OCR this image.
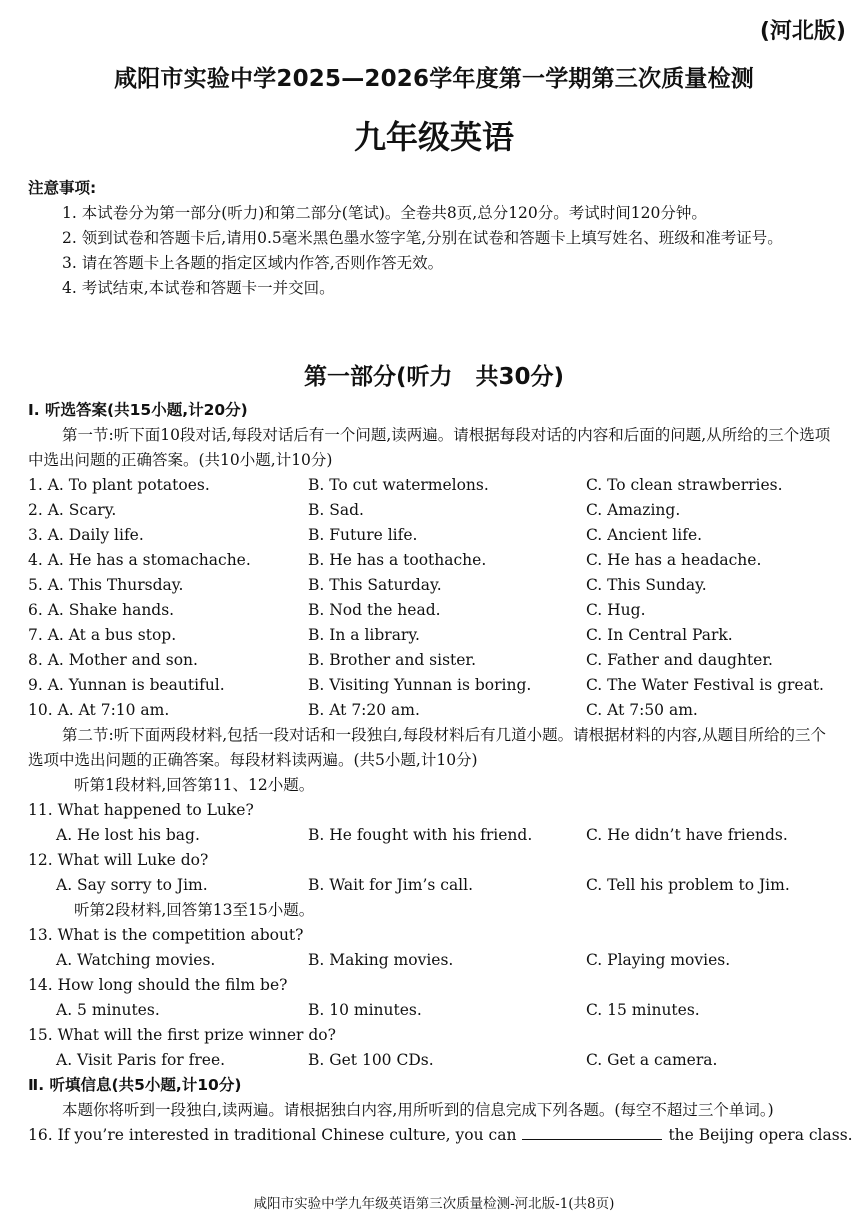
(河北版)
咸阳市实验中学2025—2026学年度第一学期第三次质量检测
九年级英语
注意事项:
1. 本试卷分为第一部分(听力)和第二部分(笔试)。全卷共8页,总分120分。考试时间120分钟。
2. 领到试卷和答题卡后,请用0.5毫米黑色墨水签字笔,分别在试卷和答题卡上填写姓名、班级和准考证号。
3. 请在答题卡上各题的指定区域内作答,否则作答无效。
4. 考试结束,本试卷和答题卡一并交回。
第一部分(听力　共30分)
Ⅰ. 听选答案(共15小题,计20分)
第一节:听下面10段对话,每段对话后有一个问题,读两遍。请根据每段对话的内容和后面的问题,从所给的三个选项中选出问题的正确答案。(共10小题,计10分)
1. A. To plant potatoes.	B. To cut watermelons.	C. To clean strawberries.
2. A. Scary.	B. Sad.	C. Amazing.
3. A. Daily life.	B. Future life.	C. Ancient life.
4. A. He has a stomachache.	B. He has a toothache.	C. He has a headache.
5. A. This Thursday.	B. This Saturday.	C. This Sunday.
6. A. Shake hands.	B. Nod the head.	C. Hug.
7. A. At a bus stop.	B. In a library.	C. In Central Park.
8. A. Mother and son.	B. Brother and sister.	C. Father and daughter.
9. A. Yunnan is beautiful.	B. Visiting Yunnan is boring.	C. The Water Festival is great.
10. A. At 7:10 am.	B. At 7:20 am.	C. At 7:50 am.
第二节:听下面两段材料,包括一段对话和一段独白,每段材料后有几道小题。请根据材料的内容,从题目所给的三个选项中选出问题的正确答案。每段材料读两遍。(共5小题,计10分)
听第1段材料,回答第11、12小题。
11. What happened to Luke?
A. He lost his bag.	B. He fought with his friend.	C. He didn’t have friends.
12. What will Luke do?
A. Say sorry to Jim.	B. Wait for Jim’s call.	C. Tell his problem to Jim.
听第2段材料,回答第13至15小题。
13. What is the competition about?
A. Watching movies.	B. Making movies.	C. Playing movies.
14. How long should the film be?
A. 5 minutes.	B. 10 minutes.	C. 15 minutes.
15. What will the first prize winner do?
A. Visit Paris for free.	B. Get 100 CDs.	C. Get a camera.
Ⅱ. 听填信息(共5小题,计10分)
本题你将听到一段独白,读两遍。请根据独白内容,用所听到的信息完成下列各题。(每空不超过三个单词。)
16. If you’re interested in traditional Chinese culture, you can	the Beijing opera class.
咸阳市实验中学九年级英语第三次质量检测-河北版-1(共8页)
